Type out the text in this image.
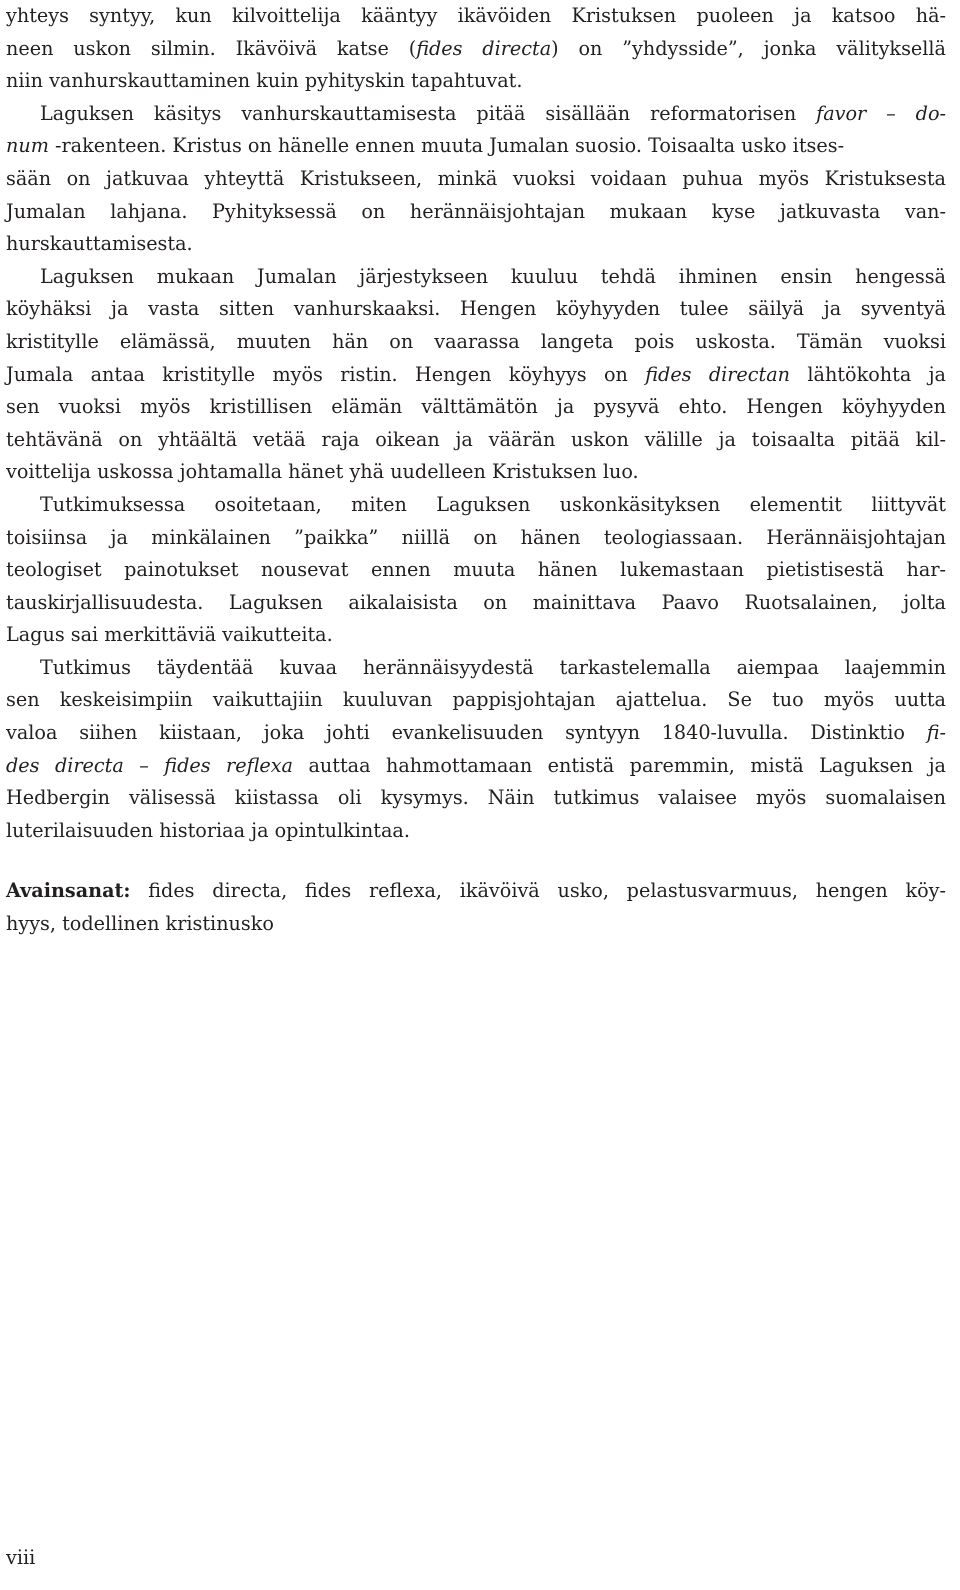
yhteys syntyy, kun kilvoittelija kääntyy ikävöiden Kristuksen puoleen ja katsoo hä-
neen uskon silmin. Ikävöivä katse (fides directa) on ”yhdysside”, jonka välityksellä
niin vanhurskauttaminen kuin pyhityskin tapahtuvat.
Laguksen käsitys vanhurskauttamisesta pitää sisällään reformatorisen favor – do-
num -rakenteen. Kristus on hänelle ennen muuta Jumalan suosio. Toisaalta usko itses-
sään on jatkuvaa yhteyttä Kristukseen, minkä vuoksi voidaan puhua myös Kristuksesta
Jumalan lahjana. Pyhityksessä on herännäisjohtajan mukaan kyse jatkuvasta van-
hurskauttamisesta.
Laguksen mukaan Jumalan järjestykseen kuuluu tehdä ihminen ensin hengessä
köyhäksi ja vasta sitten vanhurskaaksi. Hengen köyhyyden tulee säilyä ja syventyä
kristitylle elämässä, muuten hän on vaarassa langeta pois uskosta. Tämän vuoksi
Jumala antaa kristitylle myös ristin. Hengen köyhyys on fides directan lähtökohta ja
sen vuoksi myös kristillisen elämän välttämätön ja pysyvä ehto. Hengen köyhyyden
tehtävänä on yhtäältä vetää raja oikean ja väärän uskon välille ja toisaalta pitää kil-
voittelija uskossa johtamalla hänet yhä uudelleen Kristuksen luo.
Tutkimuksessa osoitetaan, miten Laguksen uskonkäsityksen elementit liittyvät
toisiinsa ja minkälainen ”paikka” niillä on hänen teologiassaan. Herännäisjohtajan
teologiset painotukset nousevat ennen muuta hänen lukemastaan pietistisestä har-
tauskirjallisuudesta. Laguksen aikalaisista on mainittava Paavo Ruotsalainen, jolta
Lagus sai merkittäviä vaikutteita.
Tutkimus täydentää kuvaa herännäisyydestä tarkastelemalla aiempaa laajemmin
sen keskeisimpiin vaikuttajiin kuuluvan pappisjohtajan ajattelua. Se tuo myös uutta
valoa siihen kiistaan, joka johti evankelisuuden syntyyn 1840-luvulla. Distinktio fi-
des directa – fides reflexa auttaa hahmottamaan entistä paremmin, mistä Laguksen ja
Hedbergin välisessä kiistassa oli kysymys. Näin tutkimus valaisee myös suomalaisen
luterilaisuuden historiaa ja opintulkintaa.
Avainsanat: fides directa, fides reflexa, ikävöivä usko, pelastusvarmuus, hengen köy-
hyys, todellinen kristinusko
viii
